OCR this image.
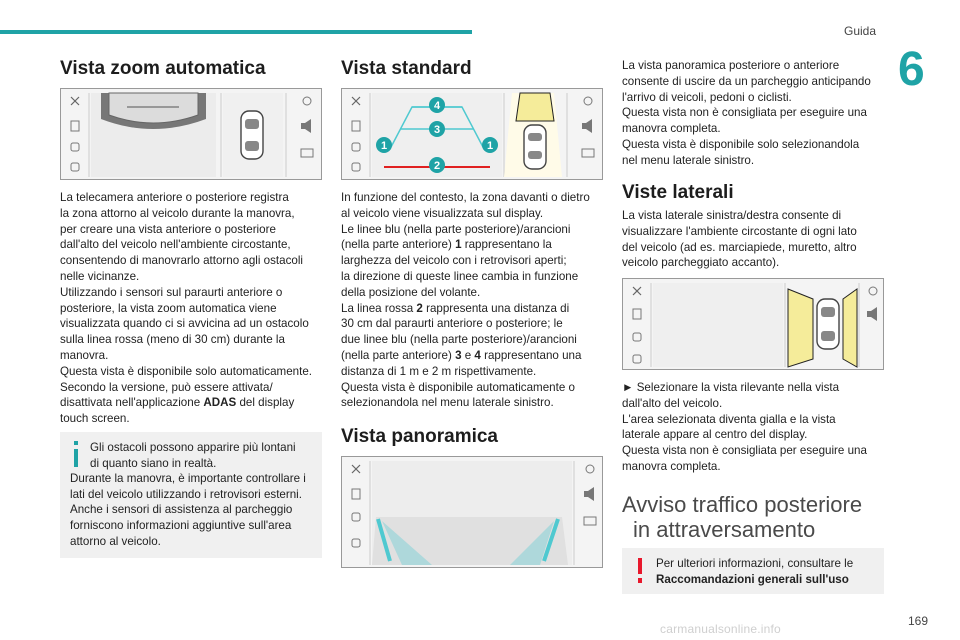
Guida
6
169
carmanualsonline.info
Vista zoom automatica

La telecamera anteriore o posteriore registra

la zona attorno al veicolo durante la manovra,

per creare una vista anteriore o posteriore

dall'alto del veicolo nell'ambiente circostante,

consentendo di manovrarlo attorno agli ostacoli

nelle vicinanze.

Utilizzando i sensori sul paraurti anteriore o

posteriore, la vista zoom automatica viene

visualizzata quando ci si avvicina ad un ostacolo

sulla linea rossa (meno di 30 cm) durante la

manovra.

Questa vista è disponibile solo automaticamente.

Secondo la versione, può essere attivata/

disattivata nell'applicazione ADAS del display

touch screen.

Gli ostacoli possono apparire più lontani

di quanto siano in realtà.

Durante la manovra, è importante controllare i

lati del veicolo utilizzando i retrovisori esterni.

Anche i sensori di assistenza al parcheggio

forniscono informazioni aggiuntive sull'area

attorno al veicolo.

Vista standard
1	1
2
3
4

In funzione del contesto, la zona davanti o dietro

al veicolo viene visualizzata sul display.

Le linee blu (nella parte posteriore)/arancioni

(nella parte anteriore) 1 rappresentano la

larghezza del veicolo con i retrovisori aperti;

la direzione di queste linee cambia in funzione

della posizione del volante.

La linea rossa 2 rappresenta una distanza di

30 cm dal paraurti anteriore o posteriore; le

due linee blu (nella parte posteriore)/arancioni

(nella parte anteriore) 3 e 4 rappresentano una

distanza di 1 m e 2 m rispettivamente.

Questa vista è disponibile automaticamente o

selezionandola nel menu laterale sinistro.

Vista panoramica

La vista panoramica posteriore o anteriore

consente di uscire da un parcheggio anticipando

l'arrivo di veicoli, pedoni o ciclisti.

Questa vista non è consigliata per eseguire una

manovra completa.

Questa vista è disponibile solo selezionandola

nel menu laterale sinistro.

Viste laterali

La vista laterale sinistra/destra consente di

visualizzare l'ambiente circostante di ogni lato

del veicolo (ad es. marciapiede, muretto, altro

veicolo parcheggiato accanto).

► Selezionare la vista rilevante nella vista

dall'alto del veicolo.

L'area selezionata diventa gialla e la vista

laterale appare al centro del display.

Questa vista non è consigliata per eseguire una

manovra completa.

Avviso traffico posteriore
in attraversamento

Per ulteriori informazioni, consultare le

Raccomandazioni generali sull'uso
